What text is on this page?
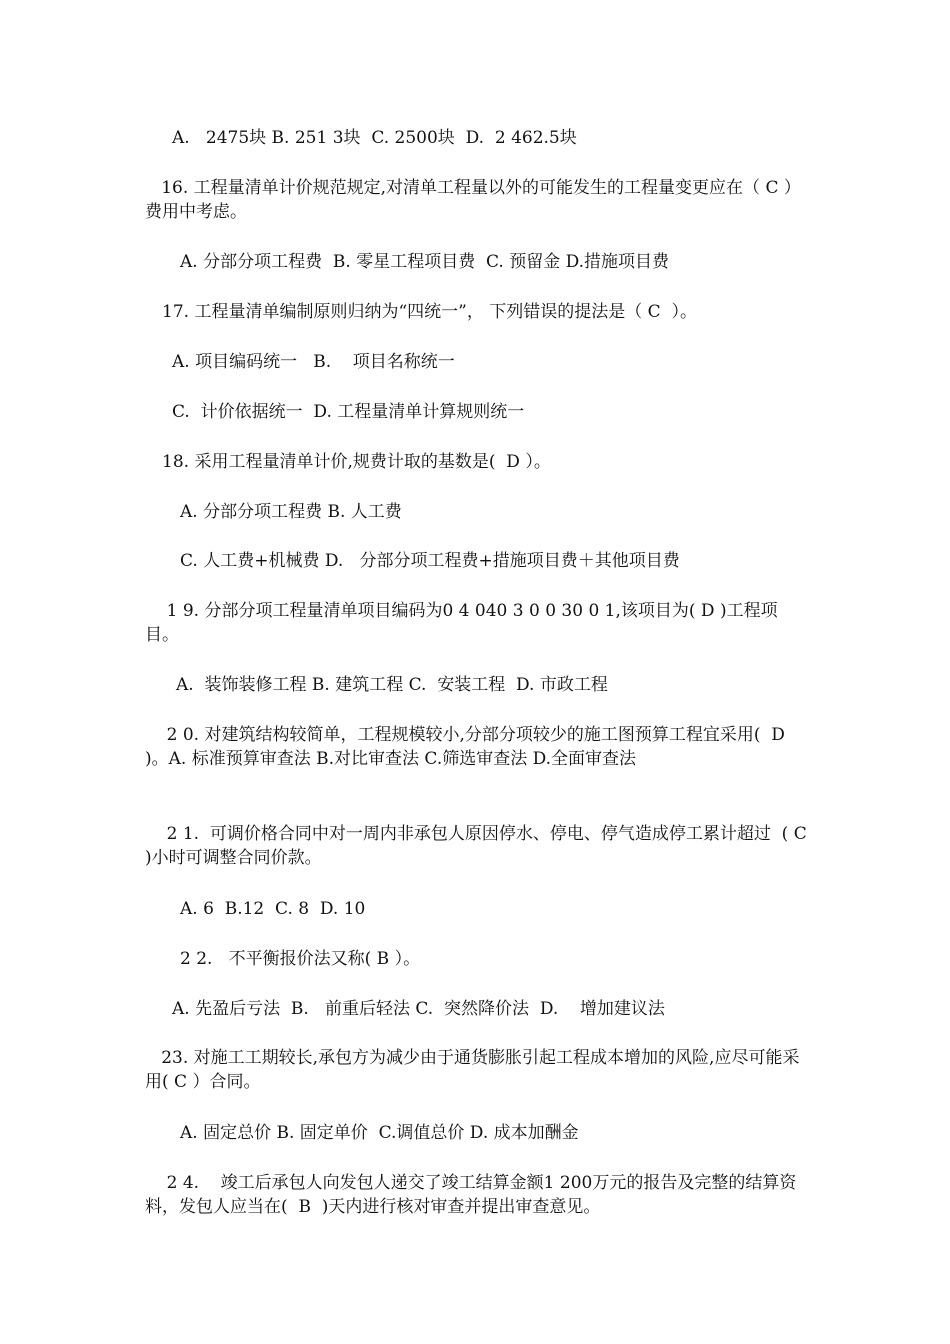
A.   2475块 B. 251 3块  C. 2500块  D.  2 462.5块
16. 工程量清单计价规范规定,对清单工程量以外的可能发生的工程量变更应在（ C ）费用中考虑。
A. 分部分项工程费  B. 零星工程项目费  C. 预留金 D.措施项目费
17. 工程量清单编制原则归纳为“四统一”， 下列错误的提法是（ C  ）。
A. 项目编码统一   B.    项目名称统一
C.  计价依据统一  D. 工程量清单计算规则统一
18. 采用工程量清单计价,规费计取的基数是(  D ）。
A. 分部分项工程费 B. 人工费
C. 人工费+机械费 D.   分部分项工程费+措施项目费＋其他项目费
1 9. 分部分项工程量清单项目编码为0 4 040 3 0 0 30 0 1,该项目为( D )工程项目。
A.  装饰装修工程 B. 建筑工程 C.  安装工程  D. 市政工程
2 0. 对建筑结构较简单，工程规模较小,分部分项较少的施工图预算工程宜采用(  D   )。A. 标准预算审查法 B.对比审查法 C.筛选审查法 D.全面审查法
2 1.  可调价格合同中对一周内非承包人原因停水、停电、停气造成停工累计超过  ( C )小时可调整合同价款。
A. 6  B.12  C. 8  D. 10
2 2.   不平衡报价法又称( B ）。
A. 先盈后亏法  B.   前重后轻法 C.  突然降价法  D.    增加建议法
23. 对施工工期较长,承包方为减少由于通货膨胀引起工程成本增加的风险,应尽可能采用( C ）合同。
A. 固定总价 B. 固定单价  C.调值总价 D. 成本加酬金
2 4.    竣工后承包人向发包人递交了竣工结算金额1 200万元的报告及完整的结算资料，发包人应当在(  B  )天内进行核对审查并提出审查意见。
